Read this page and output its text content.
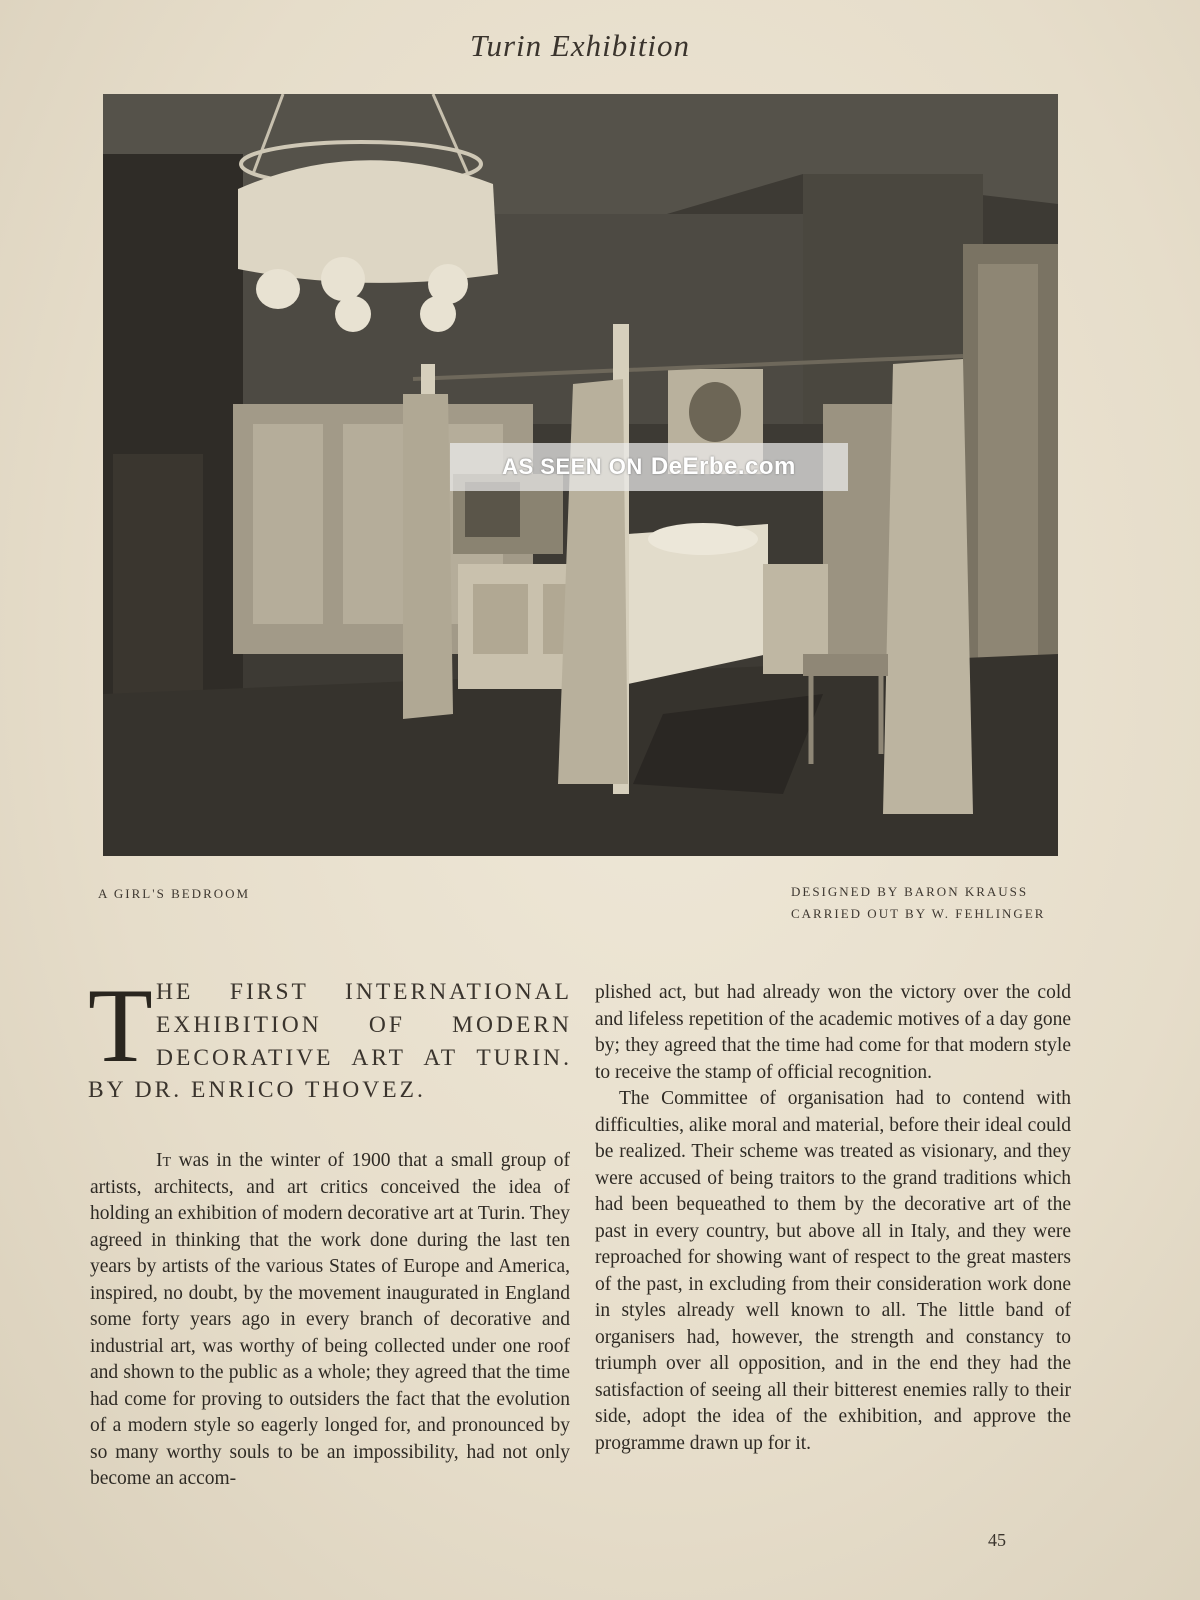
Turin Exhibition
AS SEEN ON DeErbe.com
A GIRL'S BEDROOM	DESIGNED BY BARON KRAUSS
CARRIED OUT BY W. FEHLINGER
T HE FIRST INTERNATIONAL
EXHIBITION OF MODERN
DECORATIVE ART AT TURIN.
BY DR. ENRICO THOVEZ.

It was in the winter of 1900 that a small group of artists, architects, and art critics conceived the idea of holding an exhibition of modern decorative art at Turin. They agreed in thinking that the work done during the last ten years by artists of the various States of Europe and America, inspired, no doubt, by the movement inaugurated in England some forty years ago in every branch of decorative and industrial art, was worthy of being collected under one roof and shown to the public as a whole; they agreed that the time had come for proving to outsiders the fact that the evolution of a modern style so eagerly longed for, and pronounced by so many worthy souls to be an impossibility, had not only become an accom-

plished act, but had already won the victory over the cold and lifeless repetition of the academic motives of a day gone by; they agreed that the time had come for that modern style to receive the stamp of official recognition.

The Committee of organisation had to contend with difficulties, alike moral and material, before their ideal could be realized. Their scheme was treated as visionary, and they were accused of being traitors to the grand traditions which had been bequeathed to them by the decorative art of the past in every country, but above all in Italy, and they were reproached for showing want of respect to the great masters of the past, in excluding from their consideration work done in styles already well known to all. The little band of organisers had, however, the strength and constancy to triumph over all opposition, and in the end they had the satisfaction of seeing all their bitterest enemies rally to their side, adopt the idea of the exhibition, and approve the programme drawn up for it.

45
